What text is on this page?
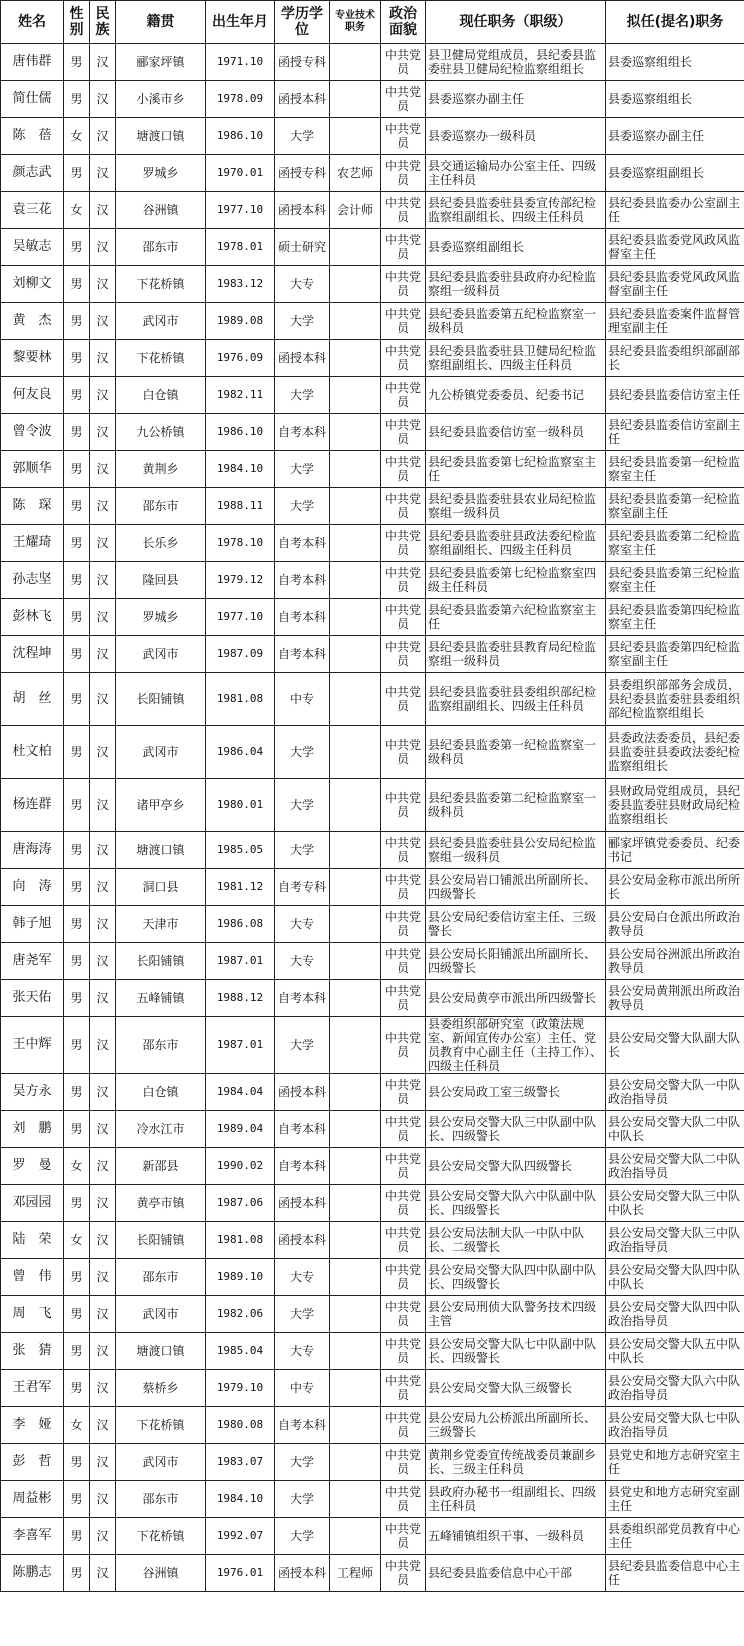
姓名	性别	民族	籍贯	出生年月	学历学位	专业技术职务	政治面貌	现任职务（职级）	拟任(提名)职务
唐伟群	男	汉	郦家坪镇	1971.10	函授专科		中共党员	县卫健局党组成员，县纪委县监委驻县卫健局纪检监察组组长	县委巡察组组长
简仕儒	男	汉	小溪市乡	1978.09	函授本科		中共党员	县委巡察办副主任	县委巡察组组长
陈　蓓	女	汉	塘渡口镇	1986.10	大学		中共党员	县委巡察办一级科员	县委巡察办副主任
颜志武	男	汉	罗城乡	1970.01	函授专科	农艺师	中共党员	县交通运输局办公室主任、四级主任科员	县委巡察组副组长
袁三花	女	汉	谷洲镇	1977.10	函授本科	会计师	中共党员	县纪委县监委驻县委宣传部纪检监察组副组长、四级主任科员	县纪委县监委办公室副主任
吴敏志	男	汉	邵东市	1978.01	硕士研究		中共党员	县委巡察组副组长	县纪委县监委党风政风监督室主任
刘柳文	男	汉	下花桥镇	1983.12	大专		中共党员	县纪委县监委驻县政府办纪检监察组一级科员	县纪委县监委党风政风监督室副主任
黄　杰	男	汉	武冈市	1989.08	大学		中共党员	县纪委县监委第五纪检监察室一级科员	县纪委县监委案件监督管理室副主任
黎要林	男	汉	下花桥镇	1976.09	函授本科		中共党员	县纪委县监委驻县卫健局纪检监察组副组长、四级主任科员	县纪委县监委组织部副部长
何友良	男	汉	白仓镇	1982.11	大学		中共党员	九公桥镇党委委员、纪委书记	县纪委县监委信访室主任
曾令波	男	汉	九公桥镇	1986.10	自考本科		中共党员	县纪委县监委信访室一级科员	县纪委县监委信访室副主任
郭顺华	男	汉	黄荆乡	1984.10	大学		中共党员	县纪委县监委第七纪检监察室主任	县纪委县监委第一纪检监察室主任
陈　琛	男	汉	邵东市	1988.11	大学		中共党员	县纪委县监委驻县农业局纪检监察组一级科员	县纪委县监委第一纪检监察室副主任
王耀琦	男	汉	长乐乡	1978.10	自考本科		中共党员	县纪委县监委驻县政法委纪检监察组副组长、四级主任科员	县纪委县监委第二纪检监察室主任
孙志坚	男	汉	隆回县	1979.12	自考本科		中共党员	县纪委县监委第七纪检监察室四级主任科员	县纪委县监委第三纪检监察室主任
彭林飞	男	汉	罗城乡	1977.10	自考本科		中共党员	县纪委县监委第六纪检监察室主任	县纪委县监委第四纪检监察室主任
沈程坤	男	汉	武冈市	1987.09	自考本科		中共党员	县纪委县监委驻县教育局纪检监察组一级科员	县纪委县监委第四纪检监察室副主任
胡　丝	男	汉	长阳铺镇	1981.08	中专		中共党员	县纪委县监委驻县委组织部纪检监察组副组长、四级主任科员	县委组织部部务会成员，县纪委县监委驻县委组织部纪检监察组组长
杜文柏	男	汉	武冈市	1986.04	大学		中共党员	县纪委县监委第一纪检监察室一级科员	县委政法委委员，县纪委县监委驻县委政法委纪检监察组组长
杨连群	男	汉	诸甲亭乡	1980.01	大学		中共党员	县纪委县监委第二纪检监察室一级科员	县财政局党组成员，县纪委县监委驻县财政局纪检监察组组长
唐海涛	男	汉	塘渡口镇	1985.05	大学		中共党员	县纪委县监委驻县公安局纪检监察组一级科员	郦家坪镇党委委员、纪委书记
向　涛	男	汉	洞口县	1981.12	自考专科		中共党员	县公安局岩口铺派出所副所长、四级警长	县公安局金称市派出所所长
韩子旭	男	汉	天津市	1986.08	大专		中共党员	县公安局纪委信访室主任、三级警长	县公安局白仓派出所政治教导员
唐尧军	男	汉	长阳铺镇	1987.01	大专		中共党员	县公安局长阳铺派出所副所长、四级警长	县公安局谷洲派出所政治教导员
张天佑	男	汉	五峰铺镇	1988.12	自考本科		中共党员	县公安局黄亭市派出所四级警长	县公安局黄荆派出所政治教导员
王中辉	男	汉	邵东市	1987.01	大学		中共党员	县委组织部研究室（政策法规室、新闻宣传办公室）主任、党员教育中心副主任（主持工作）、四级主任科员	县公安局交警大队副大队长
吴方永	男	汉	白仓镇	1984.04	函授本科		中共党员	县公安局政工室三级警长	县公安局交警大队一中队政治指导员
刘　鹏	男	汉	冷水江市	1989.04	自考本科		中共党员	县公安局交警大队三中队副中队长、四级警长	县公安局交警大队二中队中队长
罗　曼	女	汉	新邵县	1990.02	自考本科		中共党员	县公安局交警大队四级警长	县公安局交警大队二中队政治指导员
邓园园	男	汉	黄亭市镇	1987.06	函授本科		中共党员	县公安局交警大队六中队副中队长、四级警长	县公安局交警大队三中队中队长
陆　荣	女	汉	长阳铺镇	1981.08	函授本科		中共党员	县公安局法制大队一中队中队长、二级警长	县公安局交警大队三中队政治指导员
曾　伟	男	汉	邵东市	1989.10	大专		中共党员	县公安局交警大队四中队副中队长、四级警长	县公安局交警大队四中队中队长
周　飞	男	汉	武冈市	1982.06	大学		中共党员	县公安局刑侦大队警务技术四级主管	县公安局交警大队四中队政治指导员
张　猜	男	汉	塘渡口镇	1985.04	大专		中共党员	县公安局交警大队七中队副中队长、四级警长	县公安局交警大队五中队中队长
王君军	男	汉	蔡桥乡	1979.10	中专		中共党员	县公安局交警大队三级警长	县公安局交警大队六中队政治指导员
李　娅	女	汉	下花桥镇	1980.08	自考本科		中共党员	县公安局九公桥派出所副所长、三级警长	县公安局交警大队七中队政治指导员
彭　哲	男	汉	武冈市	1983.07	大学		中共党员	黄荆乡党委宣传统战委员兼副乡长、三级主任科员	县党史和地方志研究室主任
周益彬	男	汉	邵东市	1984.10	大学		中共党员	县政府办秘书一组副组长、四级主任科员	县党史和地方志研究室副主任
李喜军	男	汉	下花桥镇	1992.07	大学		中共党员	五峰铺镇组织干事、一级科员	县委组织部党员教育中心主任
陈鹏志	男	汉	谷洲镇	1976.01	函授本科	工程师	中共党员	县纪委县监委信息中心干部	县纪委县监委信息中心主任
